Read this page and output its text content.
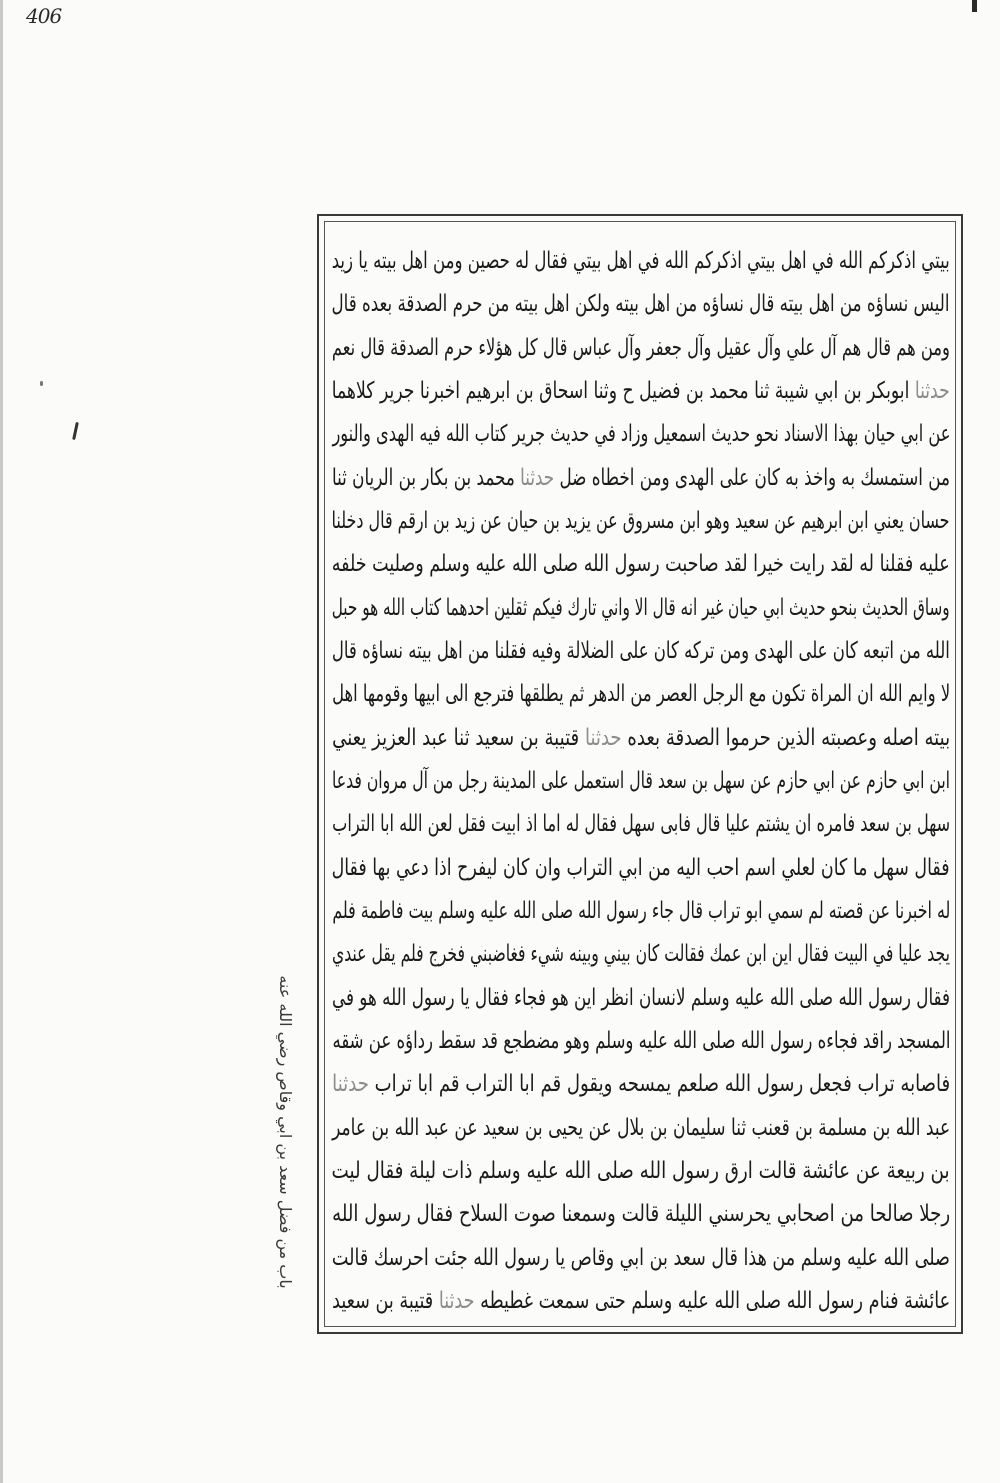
406
باب من فضل سعد بن ابي وقاص رضي الله عنه
بيتي اذكركم الله في اهل بيتي اذكركم الله في اهل بيتي فقال له حصين ومن اهل بيته يا زيد
اليس نساؤه من اهل بيته قال نساؤه من اهل بيته ولكن اهل بيته من حرم الصدقة بعده قال
ومن هم قال هم آل علي وآل عقيل وآل جعفر وآل عباس قال كل هؤلاء حرم الصدقة قال نعم
حدثنا ابوبكر بن ابي شيبة ثنا محمد بن فضيل ح وثنا اسحاق بن ابرهيم اخبرنا جرير كلاهما
عن ابي حيان بهذا الاسناد نحو حديث اسمعيل وزاد في حديث جرير كتاب الله فيه الهدى والنور
من استمسك به واخذ به كان على الهدى ومن اخطاه ضل حدثنا محمد بن بكار بن الريان ثنا
حسان يعني ابن ابرهيم عن سعيد وهو ابن مسروق عن يزيد بن حيان عن زيد بن ارقم قال دخلنا
عليه فقلنا له لقد رايت خيرا لقد صاحبت رسول الله صلى الله عليه وسلم وصليت خلفه
وساق الحديث بنحو حديث ابي حيان غير انه قال الا واني تارك فيكم ثقلين احدهما كتاب الله هو حبل
الله من اتبعه كان على الهدى ومن تركه كان على الضلالة وفيه فقلنا من اهل بيته نساؤه قال
لا وايم الله ان المراة تكون مع الرجل العصر من الدهر ثم يطلقها فترجع الى ابيها وقومها اهل
بيته اصله وعصبته الذين حرموا الصدقة بعده حدثنا قتيبة بن سعيد ثنا عبد العزيز يعني
ابن ابي حازم عن ابي حازم عن سهل بن سعد قال استعمل على المدينة رجل من آل مروان فدعا
سهل بن سعد فامره ان يشتم عليا قال فابى سهل فقال له اما اذ ابيت فقل لعن الله ابا التراب
فقال سهل ما كان لعلي اسم احب اليه من ابي التراب وان كان ليفرح اذا دعي بها فقال
له اخبرنا عن قصته لم سمي ابو تراب قال جاء رسول الله صلى الله عليه وسلم بيت فاطمة فلم
يجد عليا في البيت فقال اين ابن عمك فقالت كان بيني وبينه شيء فغاضبني فخرج فلم يقل عندي
فقال رسول الله صلى الله عليه وسلم لانسان انظر اين هو فجاء فقال يا رسول الله هو في
المسجد راقد فجاءه رسول الله صلى الله عليه وسلم وهو مضطجع قد سقط رداؤه عن شقه
فاصابه تراب فجعل رسول الله صلعم يمسحه ويقول قم ابا التراب قم ابا تراب حدثنا
عبد الله بن مسلمة بن قعنب ثنا سليمان بن بلال عن يحيى بن سعيد عن عبد الله بن عامر
بن ربيعة عن عائشة قالت ارق رسول الله صلى الله عليه وسلم ذات ليلة فقال ليت
رجلا صالحا من اصحابي يحرسني الليلة قالت وسمعنا صوت السلاح فقال رسول الله
صلى الله عليه وسلم من هذا قال سعد بن ابي وقاص يا رسول الله جئت احرسك قالت
عائشة فنام رسول الله صلى الله عليه وسلم حتى سمعت غطيطه حدثنا قتيبة بن سعيد
